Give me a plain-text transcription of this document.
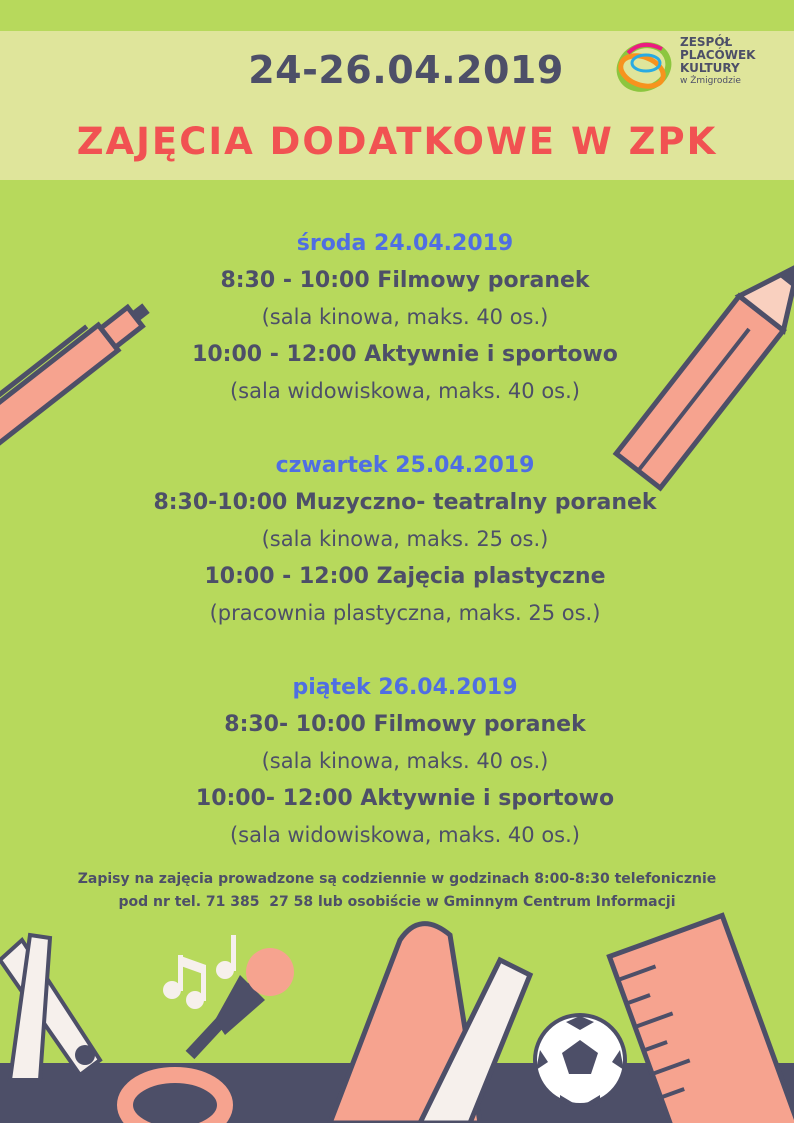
24-26.04.2019
ZAJĘCIA DODATKOWE W ZPK
ZESPÓŁ
PLACÓWEK
KULTURY
w Żmigrodzie

środa 24.04.2019

8:30 - 10:00 Filmowy poranek

(sala kinowa, maks. 40 os.)

10:00 - 12:00 Aktywnie i sportowo

(sala widowiskowa, maks. 40 os.)

czwartek 25.04.2019

8:30-10:00 Muzyczno- teatralny poranek

(sala kinowa, maks. 25 os.)

10:00 - 12:00 Zajęcia plastyczne

(pracownia plastyczna, maks. 25 os.)

piątek 26.04.2019

8:30- 10:00 Filmowy poranek

(sala kinowa, maks. 40 os.)

10:00- 12:00 Aktywnie i sportowo

(sala widowiskowa, maks. 40 os.)

Zapisy na zajęcia prowadzone są codziennie w godzinach 8:00-8:30 telefonicznie
pod nr tel. 71 385  27 58 lub osobiście w Gminnym Centrum Informacji
